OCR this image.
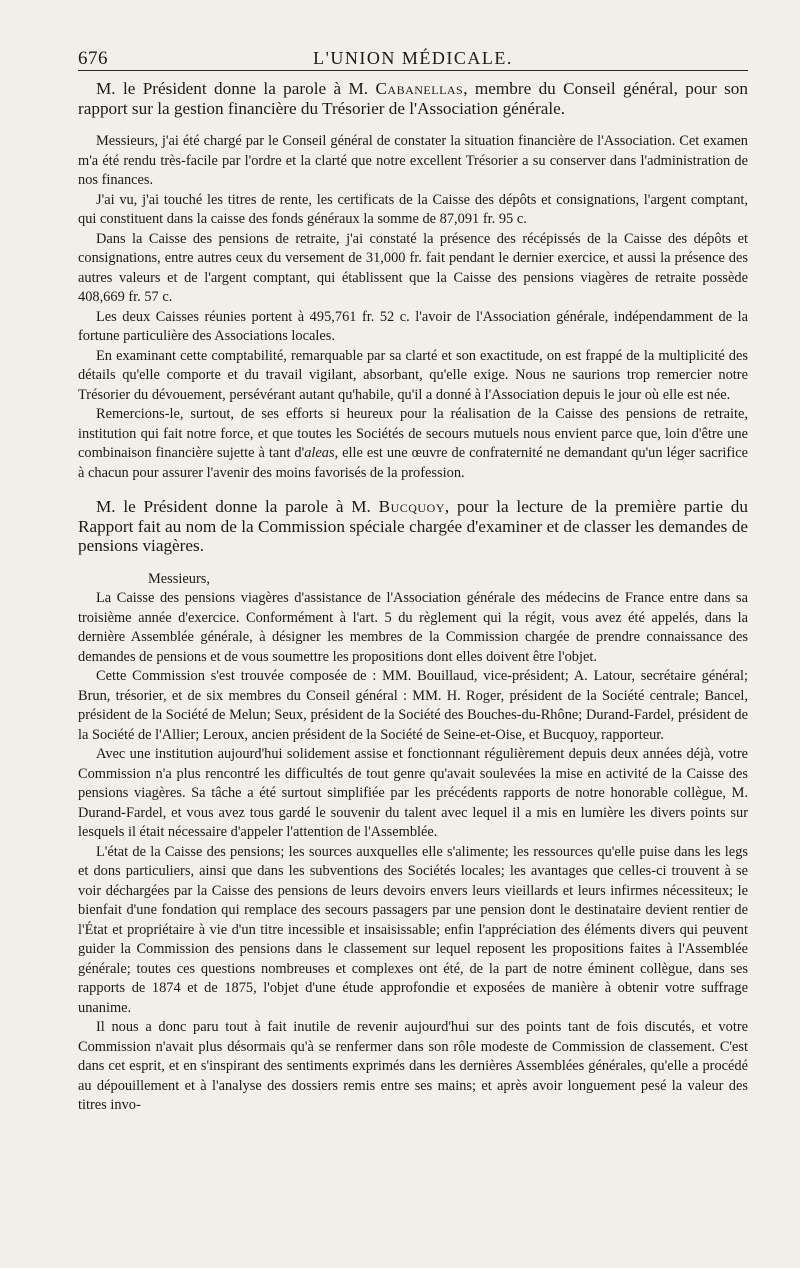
676	L'UNION MÉDICALE.

M. le Président donne la parole à M. Cabanellas, membre du Conseil général, pour son rapport sur la gestion financière du Trésorier de l'Association générale.

Messieurs, j'ai été chargé par le Conseil général de constater la situation financière de l'Association. Cet examen m'a été rendu très-facile par l'ordre et la clarté que notre excellent Trésorier a su conserver dans l'administration de nos finances.

J'ai vu, j'ai touché les titres de rente, les certificats de la Caisse des dépôts et consignations, l'argent comptant, qui constituent dans la caisse des fonds généraux la somme de 87,091 fr. 95 c.

Dans la Caisse des pensions de retraite, j'ai constaté la présence des récépissés de la Caisse des dépôts et consignations, entre autres ceux du versement de 31,000 fr. fait pendant le dernier exercice, et aussi la présence des autres valeurs et de l'argent comptant, qui établissent que la Caisse des pensions viagères de retraite possède 408,669 fr. 57 c.

Les deux Caisses réunies portent à 495,761 fr. 52 c. l'avoir de l'Association générale, indépendamment de la fortune particulière des Associations locales.

En examinant cette comptabilité, remarquable par sa clarté et son exactitude, on est frappé de la multiplicité des détails qu'elle comporte et du travail vigilant, absorbant, qu'elle exige. Nous ne saurions trop remercier notre Trésorier du dévouement, persévérant autant qu'habile, qu'il a donné à l'Association depuis le jour où elle est née.

Remercions-le, surtout, de ses efforts si heureux pour la réalisation de la Caisse des pensions de retraite, institution qui fait notre force, et que toutes les Sociétés de secours mutuels nous envient parce que, loin d'être une combinaison financière sujette à tant d'aleas, elle est une œuvre de confraternité ne demandant qu'un léger sacrifice à chacun pour assurer l'avenir des moins favorisés de la profession.

M. le Président donne la parole à M. Bucquoy, pour la lecture de la première partie du Rapport fait au nom de la Commission spéciale chargée d'examiner et de classer les demandes de pensions viagères.

Messieurs,

La Caisse des pensions viagères d'assistance de l'Association générale des médecins de France entre dans sa troisième année d'exercice. Conformément à l'art. 5 du règlement qui la régit, vous avez été appelés, dans la dernière Assemblée générale, à désigner les membres de la Commission chargée de prendre connaissance des demandes de pensions et de vous soumettre les propositions dont elles doivent être l'objet.

Cette Commission s'est trouvée composée de : MM. Bouillaud, vice-président; A. Latour, secrétaire général; Brun, trésorier, et de six membres du Conseil général : MM. H. Roger, président de la Société centrale; Bancel, président de la Société de Melun; Seux, président de la Société des Bouches-du-Rhône; Durand-Fardel, président de la Société de l'Allier; Leroux, ancien président de la Société de Seine-et-Oise, et Bucquoy, rapporteur.

Avec une institution aujourd'hui solidement assise et fonctionnant régulièrement depuis deux années déjà, votre Commission n'a plus rencontré les difficultés de tout genre qu'avait soulevées la mise en activité de la Caisse des pensions viagères. Sa tâche a été surtout simplifiée par les précédents rapports de notre honorable collègue, M. Durand-Fardel, et vous avez tous gardé le souvenir du talent avec lequel il a mis en lumière les divers points sur lesquels il était nécessaire d'appeler l'attention de l'Assemblée.

L'état de la Caisse des pensions; les sources auxquelles elle s'alimente; les ressources qu'elle puise dans les legs et dons particuliers, ainsi que dans les subventions des Sociétés locales; les avantages que celles-ci trouvent à se voir déchargées par la Caisse des pensions de leurs devoirs envers leurs vieillards et leurs infirmes nécessiteux; le bienfait d'une fondation qui remplace des secours passagers par une pension dont le destinataire devient rentier de l'État et propriétaire à vie d'un titre incessible et insaisissable; enfin l'appréciation des éléments divers qui peuvent guider la Commission des pensions dans le classement sur lequel reposent les propositions faites à l'Assemblée générale; toutes ces questions nombreuses et complexes ont été, de la part de notre éminent collègue, dans ses rapports de 1874 et de 1875, l'objet d'une étude approfondie et exposées de manière à obtenir votre suffrage unanime.

Il nous a donc paru tout à fait inutile de revenir aujourd'hui sur des points tant de fois discutés, et votre Commission n'avait plus désormais qu'à se renfermer dans son rôle modeste de Commission de classement. C'est dans cet esprit, et en s'inspirant des sentiments exprimés dans les dernières Assemblées générales, qu'elle a procédé au dépouillement et à l'analyse des dossiers remis entre ses mains; et après avoir longuement pesé la valeur des titres invo-
